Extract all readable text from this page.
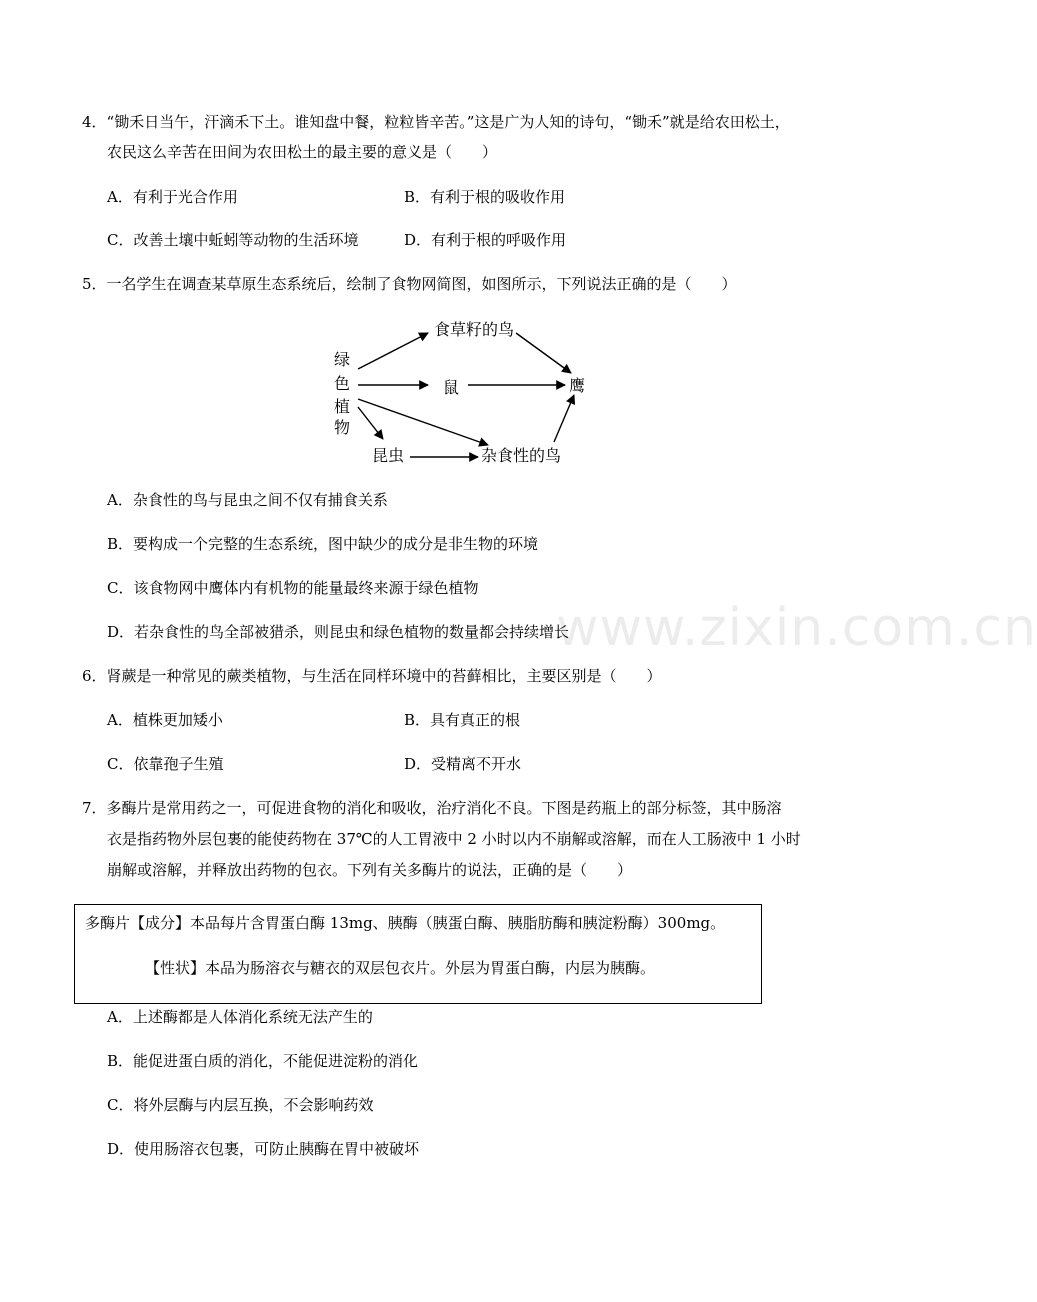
www.zixin.com.cn
4．“锄禾日当午，汗滴禾下土。谁知盘中餐，粒粒皆辛苦。”这是广为人知的诗句，“锄禾”就是给农田松土，
农民这么辛苦在田间为农田松土的最主要的意义是（　　）
A．有利于光合作用	B．有利于根的吸收作用
C．改善土壤中蚯蚓等动物的生活环境	D．有利于根的呼吸作用
5．一名学生在调查某草原生态系统后，绘制了食物网简图，如图所示，下列说法正确的是（　　）
绿
色
植
物
食草籽的鸟
鼠	鹰
昆虫	杂食性的鸟
A．杂食性的鸟与昆虫之间不仅有捕食关系
B．要构成一个完整的生态系统，图中缺少的成分是非生物的环境
C．该食物网中鹰体内有机物的能量最终来源于绿色植物
D．若杂食性的鸟全部被猎杀，则昆虫和绿色植物的数量都会持续增长
6．肾蕨是一种常见的蕨类植物，与生活在同样环境中的苔藓相比，主要区别是（　　）
A．植株更加矮小	B．具有真正的根
C．依靠孢子生殖	D．受精离不开水
7．多酶片是常用药之一，可促进食物的消化和吸收，治疗消化不良。下图是药瓶上的部分标签，其中肠溶
衣是指药物外层包裹的能使药物在 37℃的人工胃液中 2 小时以内不崩解或溶解，而在人工肠液中 1 小时
崩解或溶解，并释放出药物的包衣。下列有关多酶片的说法，正确的是（　　）
多酶片【成分】本品每片含胃蛋白酶 13mg、胰酶（胰蛋白酶、胰脂肪酶和胰淀粉酶）300mg。
【性状】本品为肠溶衣与糖衣的双层包衣片。外层为胃蛋白酶，内层为胰酶。
A．上述酶都是人体消化系统无法产生的
B．能促进蛋白质的消化，不能促进淀粉的消化
C．将外层酶与内层互换，不会影响药效
D．使用肠溶衣包裹，可防止胰酶在胃中被破坏
